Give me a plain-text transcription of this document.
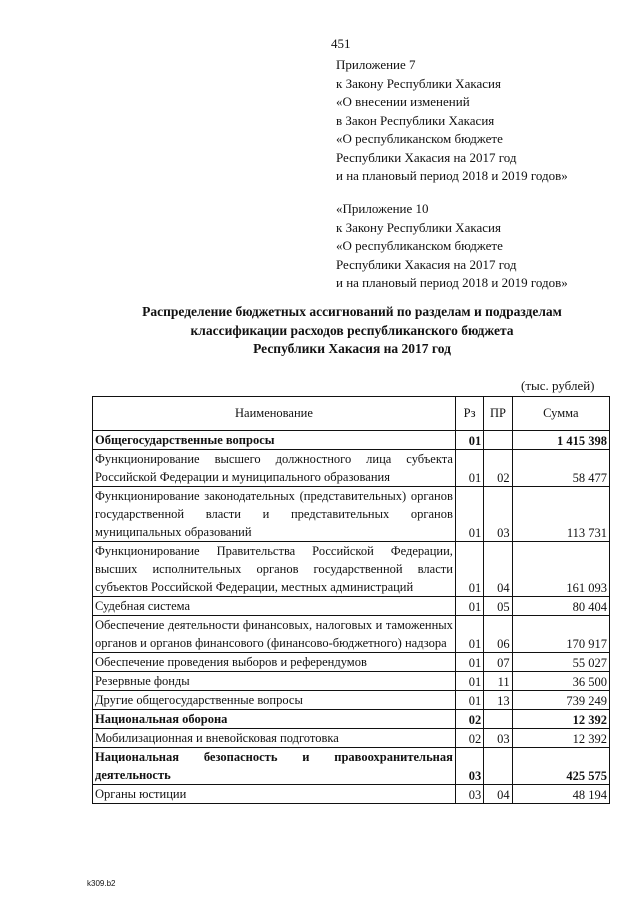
451
Приложение 7
к Закону Республики Хакасия
«О внесении изменений
в Закон Республики Хакасия
«О республиканском бюджете
Республики Хакасия на 2017 год
и на плановый период 2018 и 2019 годов»
«Приложение 10
к Закону Республики Хакасия
«О республиканском бюджете
Республики Хакасия на 2017 год
и на плановый период 2018 и 2019 годов»
Распределение бюджетных ассигнований по разделам и подразделам
классификации расходов республиканского бюджета
Республики Хакасия на 2017 год
(тыс. рублей)
Наименование	Рз	ПР	Сумма
Общегосударственные вопросы	01		1 415 398
Функционирование высшего должностного лица субъекта Российской Федерации и муниципального образования	01	02	58 477
Функционирование законодательных (представительных) органов государственной власти и представительных органов муниципальных образований	01	03	113 731
Функционирование Правительства Российской Федерации, высших исполнительных органов государственной власти субъектов Российской Федерации, местных администраций	01	04	161 093
Судебная система	01	05	80 404
Обеспечение деятельности финансовых, налоговых и таможенных органов и органов финансового (финансово-бюджетного) надзора	01	06	170 917
Обеспечение проведения выборов и референдумов	01	07	55 027
Резервные фонды	01	11	36 500
Другие общегосударственные вопросы	01	13	739 249
Национальная оборона	02		12 392
Мобилизационная и вневойсковая подготовка	02	03	12 392
Национальная безопасность и правоохранительная деятельность	03		425 575
Органы юстиции	03	04	48 194
k309.b2
